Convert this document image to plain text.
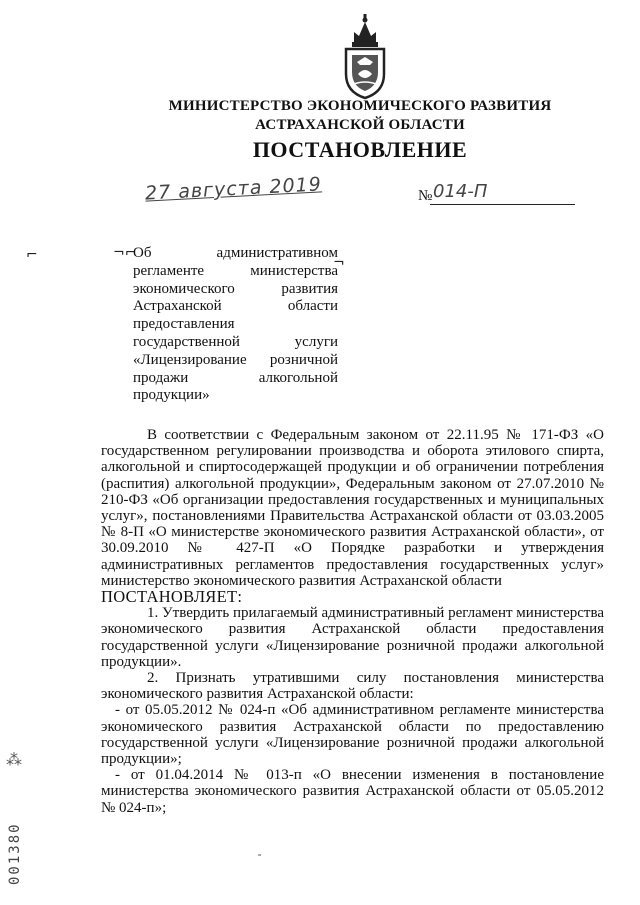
МИНИСТЕРСТВО ЭКОНОМИЧЕСКОГО РАЗВИТИЯ
АСТРАХАНСКОЙ ОБЛАСТИ
ПОСТАНОВЛЕНИЕ
27 августа 2019	№ 014-П
⌐	¬⌐
¬
Об административном регламенте министерства экономического развития Астраханской области предоставления государственной услуги «Лицензирование розничной продажи алкогольной продукции»

В соответствии с Федеральным законом от 22.11.95 № 171-ФЗ «О государственном регулировании производства и оборота этилового спирта, алкогольной и спиртосодержащей продукции и об ограничении потребления (распития) алкогольной продукции», Федеральным законом от 27.07.2010 № 210-ФЗ «Об организации предоставления государственных и муниципальных услуг», постановлениями Правительства Астраханской области от 03.03.2005 № 8-П «О министерстве экономического развития Астраханской области», от 30.09.2010 № 427-П «О Порядке разработки и утверждения административных регламентов предоставления государственных услуг» министерство экономического развития Астраханской области

ПОСТАНОВЛЯЕТ:

1. Утвердить прилагаемый административный регламент министерства экономического развития Астраханской области предоставления государственной услуги «Лицензирование розничной продажи алкогольной продукции».

2. Признать утратившими силу постановления министерства экономического развития Астраханской области:

- от 05.05.2012 № 024-п «Об административном регламенте министерства экономического развития Астраханской области по предоставлению государственной услуги «Лицензирование розничной продажи алкогольной продукции»;

- от 01.04.2014 № 013-п «О внесении изменения в постановление министерства экономического развития Астраханской области от 05.05.2012 № 024-п»;

⁂
001380
